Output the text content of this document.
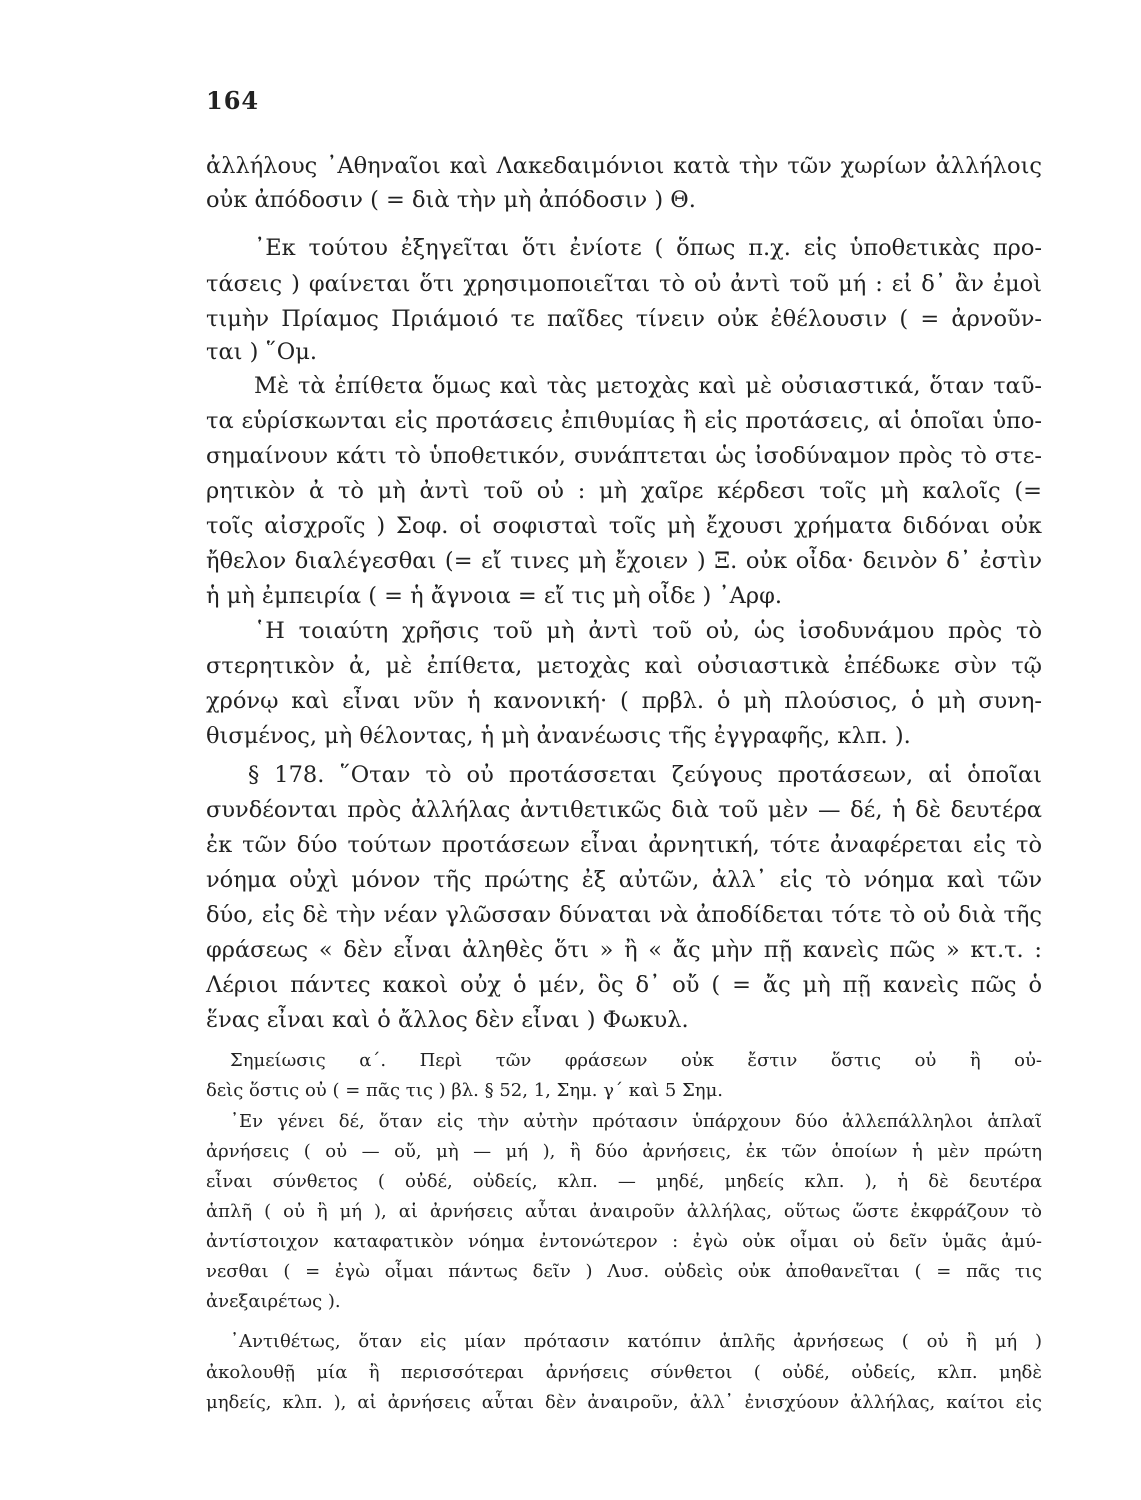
164
ἀλλήλους ᾿Αθηναῖοι καὶ Λακεδαιμόνιοι κατὰ τὴν τῶν χωρίων ἀλλήλοις
οὐκ ἀπόδοσιν ( = διὰ τὴν μὴ ἀπόδοσιν ) Θ.
᾿Εκ τούτου ἐξηγεῖται ὅτι ἐνίοτε ( ὅπως π.χ. εἰς ὑποθετικὰς προ-
τάσεις ) φαίνεται ὅτι χρησιμοποιεῖται τὸ οὐ ἀντὶ τοῦ μή : εἰ δ᾿ ἂν ἐμοὶ
τιμὴν Πρίαμος Πριάμοιό τε παῖδες τίνειν οὐκ ἐθέλουσιν ( = ἀρνοῦν-
ται ) ῞Ομ.
Μὲ τὰ ἐπίθετα ὅμως καὶ τὰς μετοχὰς καὶ μὲ οὐσιαστικά, ὅταν ταῦ-
τα εὑρίσκωνται εἰς προτάσεις ἐπιθυμίας ἢ εἰς προτάσεις, αἱ ὁποῖαι ὑπο-
σημαίνουν κάτι τὸ ὑποθετικόν, συνάπτεται ὡς ἰσοδύναμον πρὸς τὸ στε-
ρητικὸν ἀ τὸ μὴ ἀντὶ τοῦ οὐ : μὴ χαῖρε κέρδεσι τοῖς μὴ καλοῖς (=
τοῖς αἰσχροῖς ) Σοφ. οἱ σοφισταὶ τοῖς μὴ ἔχουσι χρήματα διδόναι οὐκ
ἤθελον διαλέγεσθαι (= εἴ τινες μὴ ἔχοιεν ) Ξ. οὐκ οἶδα· δεινὸν δ᾿ ἐστὶν
ἡ μὴ ἐμπειρία ( = ἡ ἄγνοια = εἴ τις μὴ οἶδε ) ᾿Αρφ.
῾Η τοιαύτη χρῆσις τοῦ μὴ ἀντὶ τοῦ οὐ, ὡς ἰσοδυνάμου πρὸς τὸ
στερητικὸν ἀ, μὲ ἐπίθετα, μετοχὰς καὶ οὐσιαστικὰ ἐπέδωκε σὺν τῷ
χρόνῳ καὶ εἶναι νῦν ἡ κανονική· ( πρβλ. ὁ μὴ πλούσιος, ὁ μὴ συνη-
θισμένος, μὴ θέλοντας, ἡ μὴ ἀνανέωσις τῆς ἐγγραφῆς, κλπ. ).
§ 178. ῞Οταν τὸ οὐ προτάσσεται ζεύγους προτάσεων, αἱ ὁποῖαι
συνδέονται πρὸς ἀλλήλας ἀντιθετικῶς διὰ τοῦ μὲν — δέ, ἡ δὲ δευτέρα
ἐκ τῶν δύο τούτων προτάσεων εἶναι ἀρνητική, τότε ἀναφέρεται εἰς τὸ
νόημα οὐχὶ μόνον τῆς πρώτης ἐξ αὐτῶν, ἀλλ᾿ εἰς τὸ νόημα καὶ τῶν
δύο, εἰς δὲ τὴν νέαν γλῶσσαν δύναται νὰ ἀποδίδεται τότε τὸ οὐ διὰ τῆς
φράσεως « δὲν εἶναι ἀληθὲς ὅτι » ἢ « ἄς μὴν πῇ κανεὶς πῶς » κτ.τ. :
Λέριοι πάντες κακοὶ οὐχ ὁ μέν, ὃς δ᾿ οὔ ( = ἄς μὴ πῇ κανεὶς πῶς ὁ
ἕνας εἶναι καὶ ὁ ἄλλος δὲν εἶναι ) Φωκυλ.
Σημείωσις α΄. Περὶ τῶν φράσεων οὐκ ἔστιν ὅστις οὐ ἢ οὐ-
δεὶς ὅστις οὐ ( = πᾶς τις ) βλ. § 52, 1, Σημ. γ΄ καὶ 5 Σημ.
᾿Εν γένει δέ, ὅταν εἰς τὴν αὐτὴν πρότασιν ὑπάρχουν δύο ἀλλεπάλληλοι ἁπλαῖ
ἀρνήσεις ( οὐ — οὔ, μὴ — μή ), ἢ δύο ἀρνήσεις, ἐκ τῶν ὁποίων ἡ μὲν πρώτη
εἶναι σύνθετος ( οὐδέ, οὐδείς, κλπ. — μηδέ, μηδείς κλπ. ), ἡ δὲ δευτέρα
ἁπλῆ ( οὐ ἢ μή ), αἱ ἀρνήσεις αὗται ἀναιροῦν ἀλλήλας, οὕτως ὥστε ἐκφράζουν τὸ
ἀντίστοιχον καταφατικὸν νόημα ἐντονώτερον : ἐγὼ οὐκ οἶμαι οὐ δεῖν ὑμᾶς ἀμύ-
νεσθαι ( = ἐγὼ οἶμαι πάντως δεῖν ) Λυσ. οὐδεὶς οὐκ ἀποθανεῖται ( = πᾶς τις
ἀνεξαιρέτως ).
᾿Αντιθέτως, ὅταν εἰς μίαν πρότασιν κατόπιν ἁπλῆς ἀρνήσεως ( οὐ ἢ μή )
ἀκολουθῇ μία ἢ περισσότεραι ἀρνήσεις σύνθετοι ( οὐδέ, οὐδείς, κλπ. μηδὲ
μηδείς, κλπ. ), αἱ ἀρνήσεις αὗται δὲν ἀναιροῦν, ἀλλ᾿ ἐνισχύουν ἀλλήλας, καίτοι εἰς
